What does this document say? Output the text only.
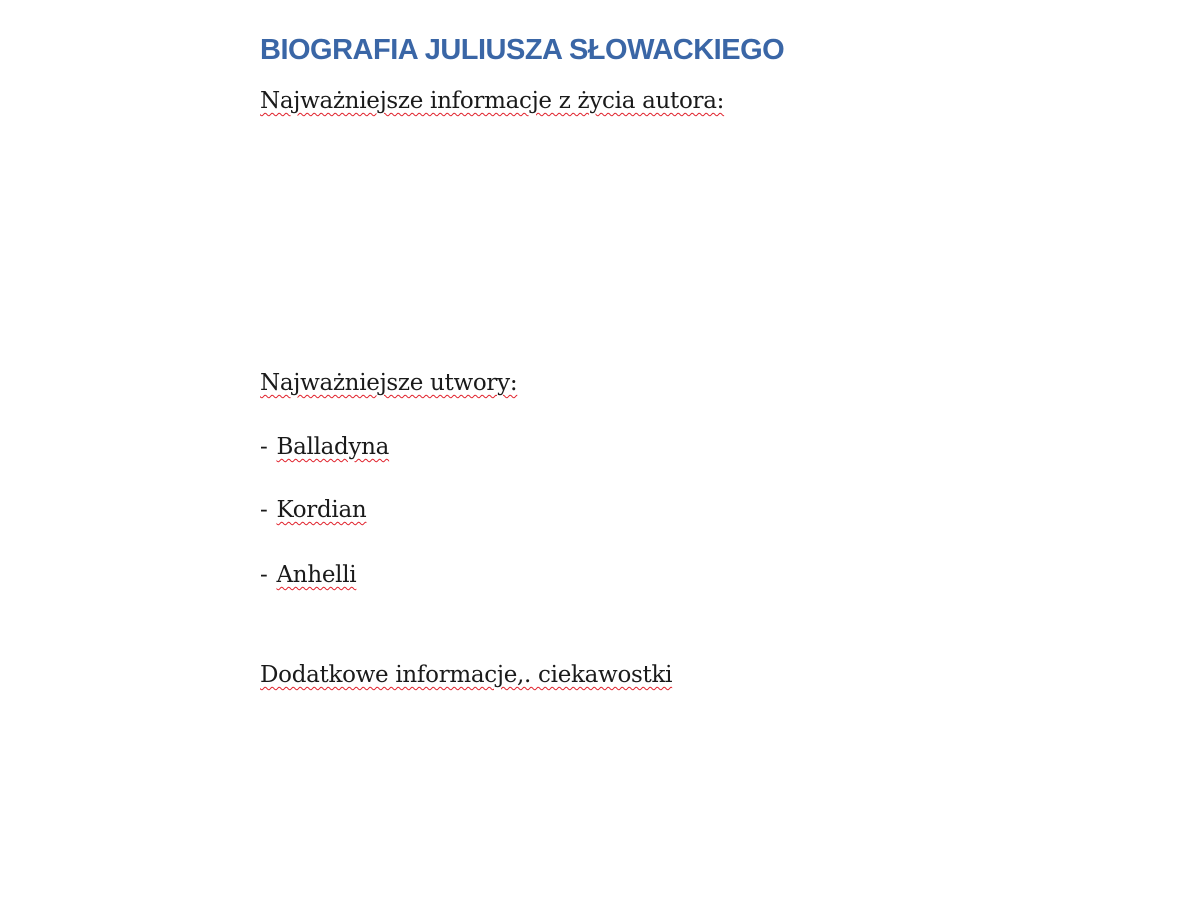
BIOGRAFIA JULIUSZA SŁOWACKIEGO

Najważniejsze informacje z życia autora:

Najważniejsze utwory:

- Balladyna

- Kordian

- Anhelli

Dodatkowe informacje,. ciekawostki
